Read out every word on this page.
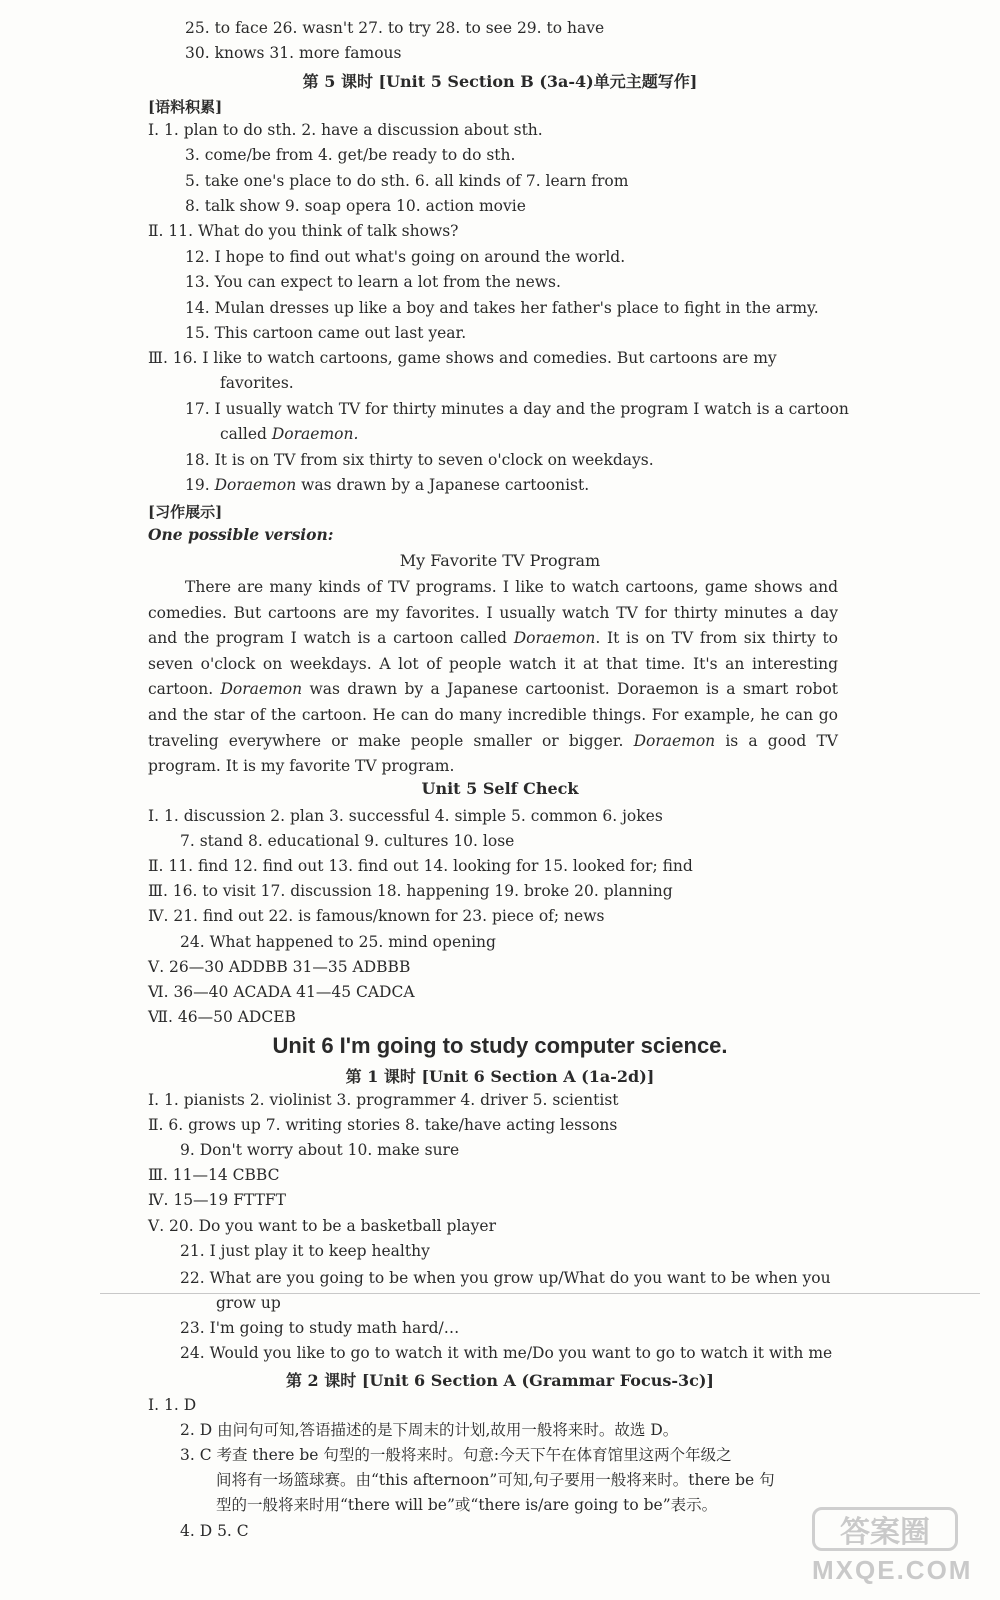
25. to face 26. wasn't 27. to try 28. to see 29. to have
30. knows 31. more famous
第 5 课时 [Unit 5 Section B (3a-4)单元主题写作]
[语料积累]
Ⅰ. 1. plan to do sth. 2. have a discussion about sth.
3. come/be from 4. get/be ready to do sth.
5. take one's place to do sth. 6. all kinds of 7. learn from
8. talk show 9. soap opera 10. action movie
Ⅱ. 11. What do you think of talk shows?
12. I hope to find out what's going on around the world.
13. You can expect to learn a lot from the news.
14. Mulan dresses up like a boy and takes her father's place to fight in the army.
15. This cartoon came out last year.
Ⅲ. 16. I like to watch cartoons, game shows and comedies. But cartoons are my
favorites.
17. I usually watch TV for thirty minutes a day and the program I watch is a cartoon
called Doraemon.
18. It is on TV from six thirty to seven o'clock on weekdays.
19. Doraemon was drawn by a Japanese cartoonist.
[习作展示]
One possible version:
My Favorite TV Program
There are many kinds of TV programs. I like to watch cartoons, game shows and comedies. But cartoons are my favorites. I usually watch TV for thirty minutes a day and the program I watch is a cartoon called Doraemon. It is on TV from six thirty to seven o'clock on weekdays. A lot of people watch it at that time. It's an interesting cartoon. Doraemon was drawn by a Japanese cartoonist. Doraemon is a smart robot and the star of the cartoon. He can do many incredible things. For example, he can go traveling everywhere or make people smaller or bigger. Doraemon is a good TV program. It is my favorite TV program.
Unit 5 Self Check
Ⅰ. 1. discussion 2. plan 3. successful 4. simple 5. common 6. jokes
7. stand 8. educational 9. cultures 10. lose
Ⅱ. 11. find 12. find out 13. find out 14. looking for 15. looked for; find
Ⅲ. 16. to visit 17. discussion 18. happening 19. broke 20. planning
Ⅳ. 21. find out 22. is famous/known for 23. piece of; news
24. What happened to 25. mind opening
Ⅴ. 26—30 ADDBB 31—35 ADBBB
Ⅵ. 36—40 ACADA 41—45 CADCA
Ⅶ. 46—50 ADCEB
Unit 6 I'm going to study computer science.
第 1 课时 [Unit 6 Section A (1a-2d)]
Ⅰ. 1. pianists 2. violinist 3. programmer 4. driver 5. scientist
Ⅱ. 6. grows up 7. writing stories 8. take/have acting lessons
9. Don't worry about 10. make sure
Ⅲ. 11—14 CBBC
Ⅳ. 15—19 FTTFT
Ⅴ. 20. Do you want to be a basketball player
21. I just play it to keep healthy
22. What are you going to be when you grow up/What do you want to be when you
grow up
23. I'm going to study math hard/…
24. Would you like to go to watch it with me/Do you want to go to watch it with me
第 2 课时 [Unit 6 Section A (Grammar Focus-3c)]
Ⅰ. 1. D
2. D 由问句可知,答语描述的是下周末的计划,故用一般将来时。故选 D。
3. C 考查 there be 句型的一般将来时。句意:今天下午在体育馆里这两个年级之
间将有一场篮球赛。由“this afternoon”可知,句子要用一般将来时。there be 句
型的一般将来时用“there will be”或“there is/are going to be”表示。
4. D 5. C	答案圈
MXQE.COM
